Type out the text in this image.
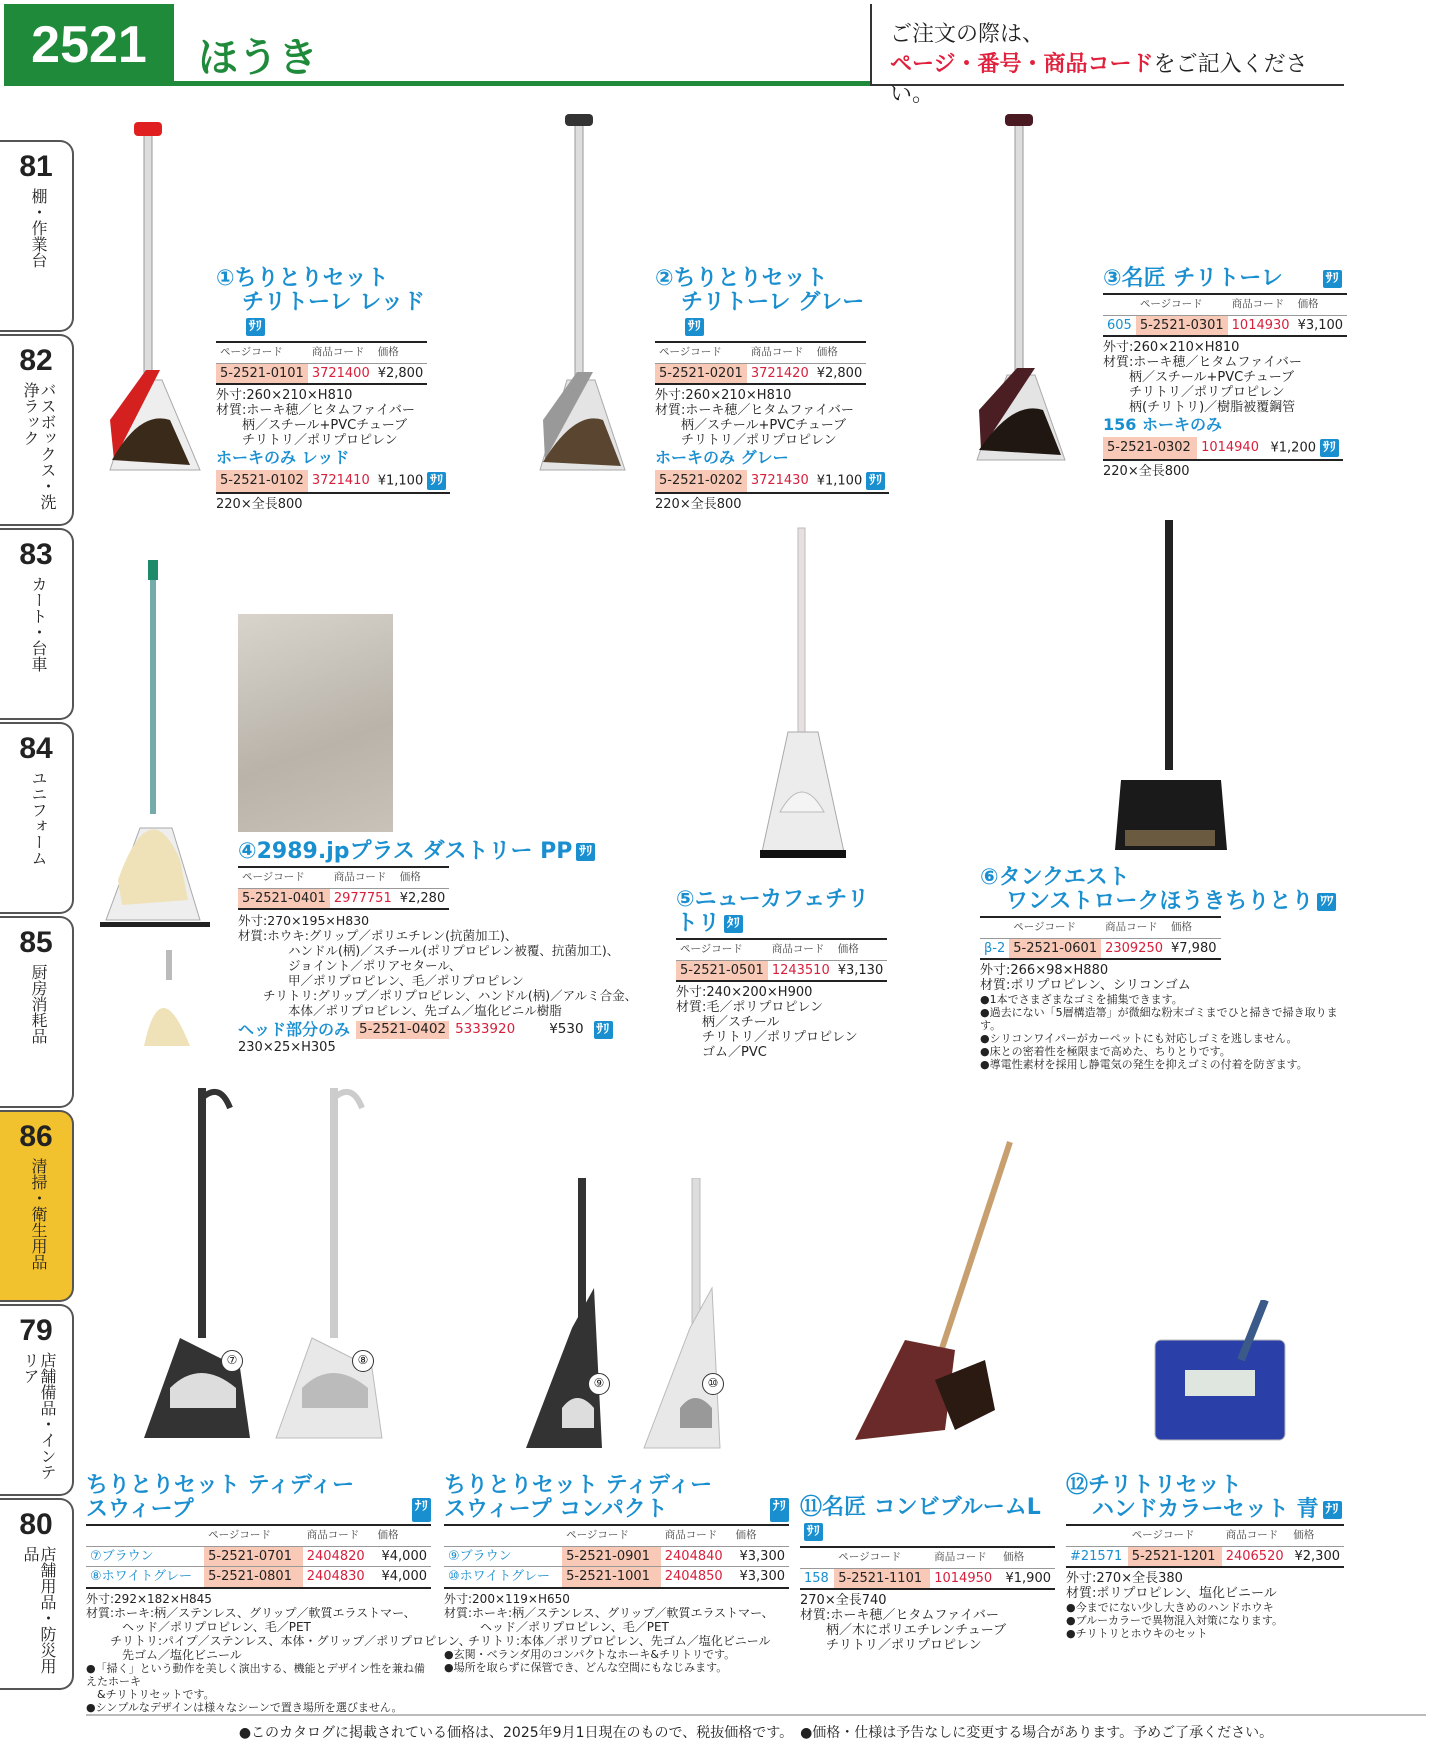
2521	ほうき
ご注文の際は、
ページ・番号・商品コードをご記入ください。
81
棚・作業台
82
バスボックス・洗浄ラック
83
カート・台車
84
ユニフォーム
85
厨房消耗品
86
清掃・衛生用品
79
店舗備品・インテリア
80
店舗用品・防災用品
⑦	⑧
⑨	⑩
①ちりとりセット
チリトーレ レッドｻﾘ
ページコード	商品コード	価格
5-2521-0101	3721400	¥2,800
外寸:260×210×H810
材質:ホーキ穂／ヒタムファイバー
　　柄／スチール+PVCチューブ
　　チリトリ／ポリプロピレン
ホーキのみ レッド
5-2521-0102	3721410	¥1,100 ｻﾘ
220×全長800
②ちりとりセット
チリトーレ グレーｻﾘ
ページコード	商品コード	価格
5-2521-0201	3721420	¥2,800
外寸:260×210×H810
材質:ホーキ穂／ヒタムファイバー
　　柄／スチール+PVCチューブ
　　チリトリ／ポリプロピレン
ホーキのみ グレー
5-2521-0202	3721430	¥1,100 ｻﾘ
220×全長800
③名匠 チリトーレ	ｻﾘ
	ページコード	商品コード	価格
605	5-2521-0301	1014930	¥3,100
外寸:260×210×H810
材質:ホーキ穂／ヒタムファイバー
　　柄／スチール+PVCチューブ
　　チリトリ／ポリプロピレン
　　柄(チリトリ)／樹脂被覆鋼管
156 ホーキのみ
5-2521-0302	1014940	¥1,200 ｻﾘ
220×全長800
④2989.jpプラス ダストリー PP ｻﾘ
ページコード	商品コード	価格
5-2521-0401	2977751	¥2,280
外寸:270×195×H830
材質:ホウキ:グリップ／ポリエチレン(抗菌加工)、
　　　　ハンドル(柄)／スチール(ポリプロピレン被覆、抗菌加工)、
　　　　ジョイント／ポリアセタール、
　　　　甲／ポリプロピレン、毛／ポリプロピレン
　　チリトリ:グリップ／ポリプロピレン、ハンドル(柄)／アルミ合金、
　　　　本体／ポリプロピレン、先ゴム／塩化ビニル樹脂
ヘッド部分のみ 5-2521-0402 5333920	¥530 ｻﾘ
230×25×H305
⑤ニューカフェチリトリ ﾀﾘ
ページコード	商品コード	価格
5-2521-0501	1243510	¥3,130
外寸:240×200×H900
材質:毛／ポリプロピレン
　　柄／スチール
　　チリトリ／ポリプロピレン
　　ゴム／PVC
⑥タンクエスト
ワンストロークほうきちりとり ﾜﾜ
	ページコード	商品コード	価格
β-2	5-2521-0601	2309250	¥7,980
外寸:266×98×H880
材質:ポリプロピレン、シリコンゴム
●1本でさまざまなゴミを捕集できます。
●過去にない「5層構造箒」が微細な粉末ゴミまでひと掃きで掃き取ります。
●シリコンワイパーがカーペットにも対応しゴミを逃しません。
●床との密着性を極限まで高めた、ちりとりです。
●導電性素材を採用し静電気の発生を抑えゴミの付着を防ぎます。
ちりとりセット ティディー
スウィープ	ﾅﾘ
	ページコード	商品コード	価格
⑦ブラウン	5-2521-0701	2404820	¥4,000
⑧ホワイトグレー	5-2521-0801	2404830	¥4,000
外寸:292×182×H845
材質:ホーキ:柄／ステンレス、グリップ／軟質エラストマー、
　　　ヘッド／ポリプロピレン、毛／PET
　　チリトリ:パイプ／ステンレス、本体・グリップ／ポリプロピレン、
　　　先ゴム／塩化ビニール
●「掃く」という動作を美しく演出する、機能とデザイン性を兼ね備えたホーキ
　&チリトリセットです。
●シンプルなデザインは様々なシーンで置き場所を選びません。
ちりとりセット ティディー
スウィープ コンパクト	ﾅﾘ
	ページコード	商品コード	価格
⑨ブラウン	5-2521-0901	2404840	¥3,300
⑩ホワイトグレー	5-2521-1001	2404850	¥3,300
外寸:200×119×H650
材質:ホーキ:柄／ステンレス、グリップ／軟質エラストマー、
　　　ヘッド／ポリプロピレン、毛／PET
　　チリトリ:本体／ポリプロピレン、先ゴム／塩化ビニール
●玄関・ベランダ用のコンパクトなホーキ&チリトリです。
●場所を取らずに保管でき、どんな空間にもなじみます。
⑪名匠 コンビブルームLｻﾘ
	ページコード	商品コード	価格
158	5-2521-1101	1014950	¥1,900
270×全長740
材質:ホーキ穂／ヒタムファイバー
　　柄／木にポリエチレンチューブ
　　チリトリ／ポリプロピレン
⑫チリトリセット
ハンドカラーセット 青 ﾅﾘ
	ページコード	商品コード	価格
#21571	5-2521-1201	2406520	¥2,300
外寸:270×全長380
材質:ポリプロピレン、塩化ビニール
●今までにない少し大きめのハンドホウキ
●ブルーカラーで異物混入対策になります。
●チリトリとホウキのセット
●このカタログに掲載されている価格は、2025年9月1日現在のもので、税抜価格です。　●価格・仕様は予告なしに変更する場合があります。予めご了承ください。
